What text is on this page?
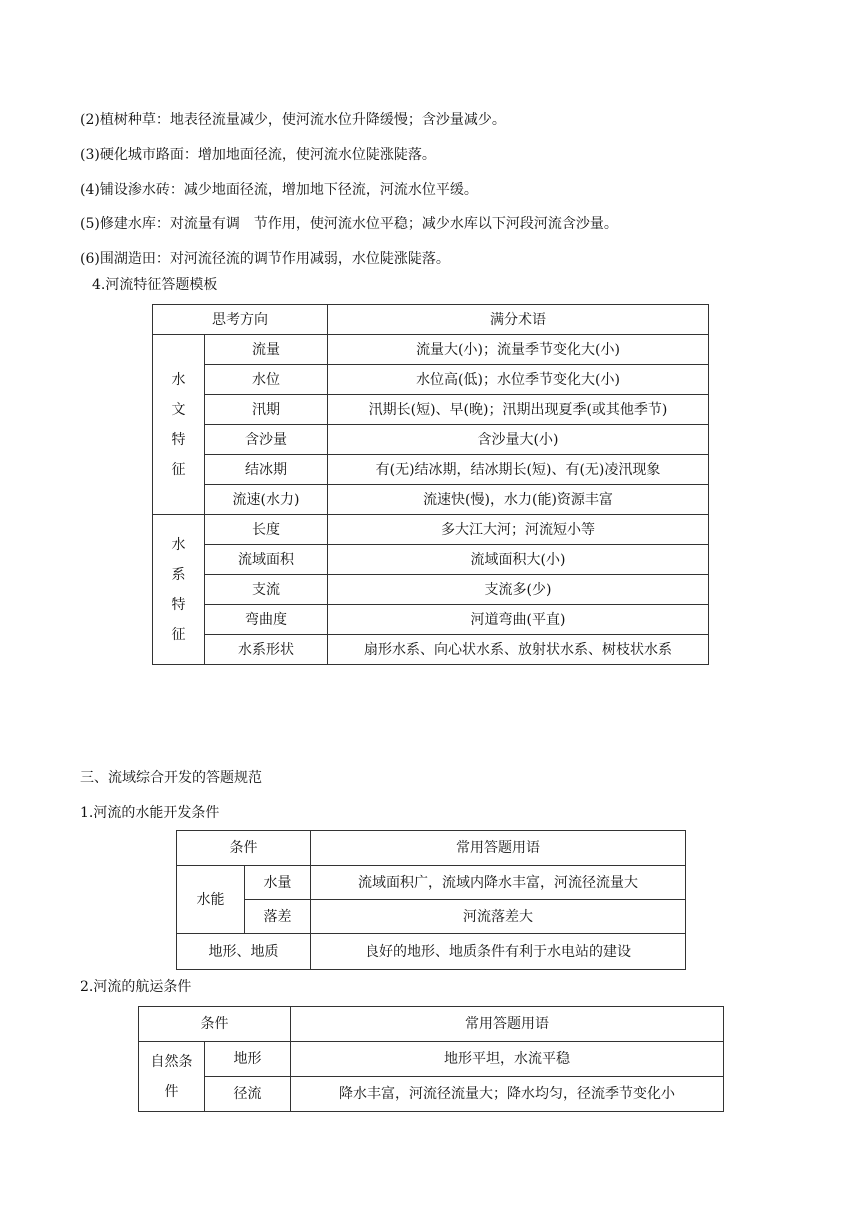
(2)植树种草：地表径流量减少，使河流水位升降缓慢；含沙量减少。
(3)硬化城市路面：增加地面径流，使河流水位陡涨陡落。
(4)铺设渗水砖：减少地面径流，增加地下径流，河流水位平缓。
(5)修建水库：对流量有调　节作用，使河流水位平稳；减少水库以下河段河流含沙量。
(6)围湖造田：对河流径流的调节作用减弱，水位陡涨陡落。
4.河流特征答题模板
思考方向		满分术语
水
文
特
征	流量	流量大(小)；流量季节变化大(小)
	水位	水位高(低)；水位季节变化大(小)
	汛期	汛期长(短)、早(晚)；汛期出现夏季(或其他季节)
	含沙量	含沙量大(小)
	结冰期	有(无)结冰期，结冰期长(短)、有(无)凌汛现象
	流速(水力)	流速快(慢)，水力(能)资源丰富
水
系
特
征	长度	多大江大河；河流短小等
	流域面积	流域面积大(小)
	支流	支流多(少)
	弯曲度	河道弯曲(平直)
	水系形状	扇形水系、向心状水系、放射状水系、树枝状水系
三、流域综合开发的答题规范
1.河流的水能开发条件
条件		常用答题用语
水能	水量	流域面积广，流域内降水丰富，河流径流量大
	落差	河流落差大
地形、地质		良好的地形、地质条件有利于水电站的建设
2.河流的航运条件
条件		常用答题用语
自然条
件	地形	地形平坦，水流平稳
	径流	降水丰富，河流径流量大；降水均匀，径流季节变化小
